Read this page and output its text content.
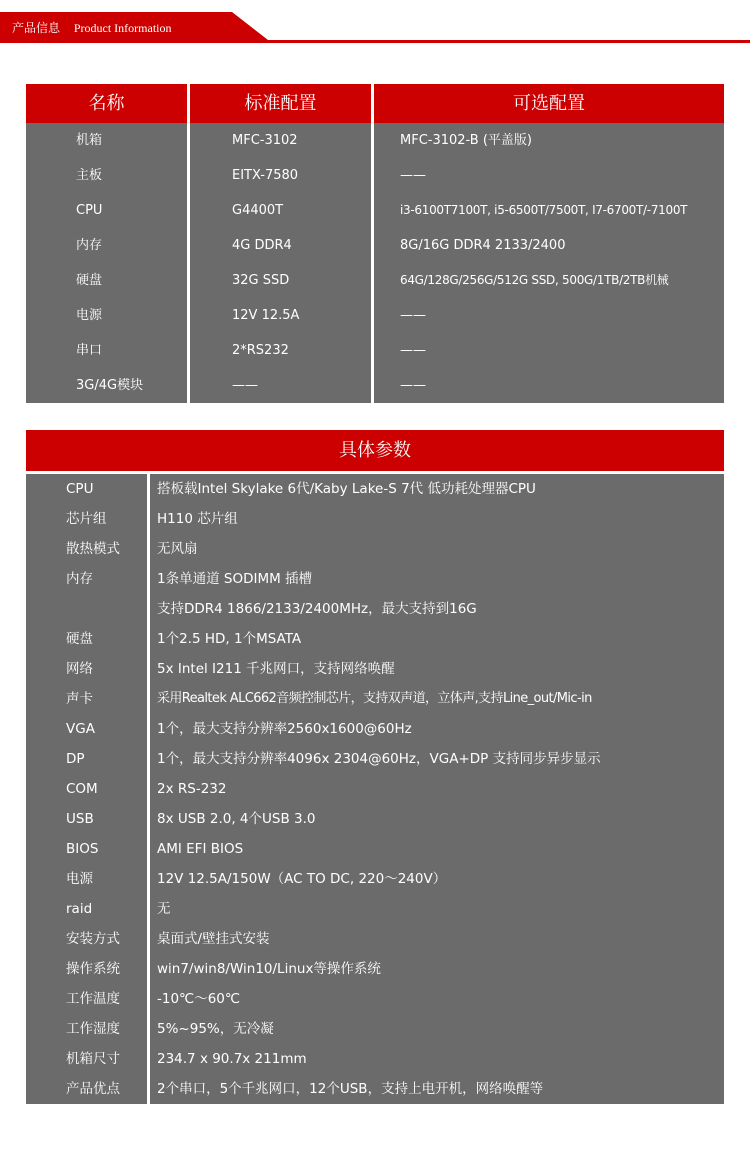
产品信息 Product Information
名称	标准配置	可选配置
机箱	MFC-3102	MFC-3102-B (平盖版)
主板	EITX-7580	——
CPU	G4400T	i3-6100T7100T, i5-6500T/7500T, I7-6700T/-7100T
内存	4G DDR4	8G/16G DDR4 2133/2400
硬盘	32G SSD	64G/128G/256G/512G SSD, 500G/1TB/2TB机械
电源	12V 12.5A	——
串口	2*RS232	——
3G/4G模块	——	——
具体参数
CPU	搭板载Intel Skylake 6代/Kaby Lake-S 7代 低功耗处理器CPU
芯片组	H110 芯片组
散热模式	无风扇
内存	1条单通道 SODIMM 插槽
支持DDR4 1866/2133/2400MHz，最大支持到16G
硬盘	1个2.5 HD, 1个MSATA
网络	5x Intel I211 千兆网口，支持网络唤醒
声卡	采用Realtek ALC662音频控制芯片，支持双声道，立体声,支持Line_out/Mic-in
VGA	1个，最大支持分辨率2560x1600@60Hz
DP	1个，最大支持分辨率4096x 2304@60Hz，VGA+DP 支持同步异步显示
COM	2x RS-232
USB	8x USB 2.0, 4个USB 3.0
BIOS	AMI EFI BIOS
电源	12V 12.5A/150W（AC TO DC, 220～240V）
raid	无
安装方式	桌面式/壁挂式安装
操作系统	win7/win8/Win10/Linux等操作系统
工作温度	-10℃～60℃
工作湿度	5%~95%，无冷凝
机箱尺寸	234.7 x 90.7x 211mm
产品优点	2个串口，5个千兆网口，12个USB，支持上电开机，网络唤醒等
